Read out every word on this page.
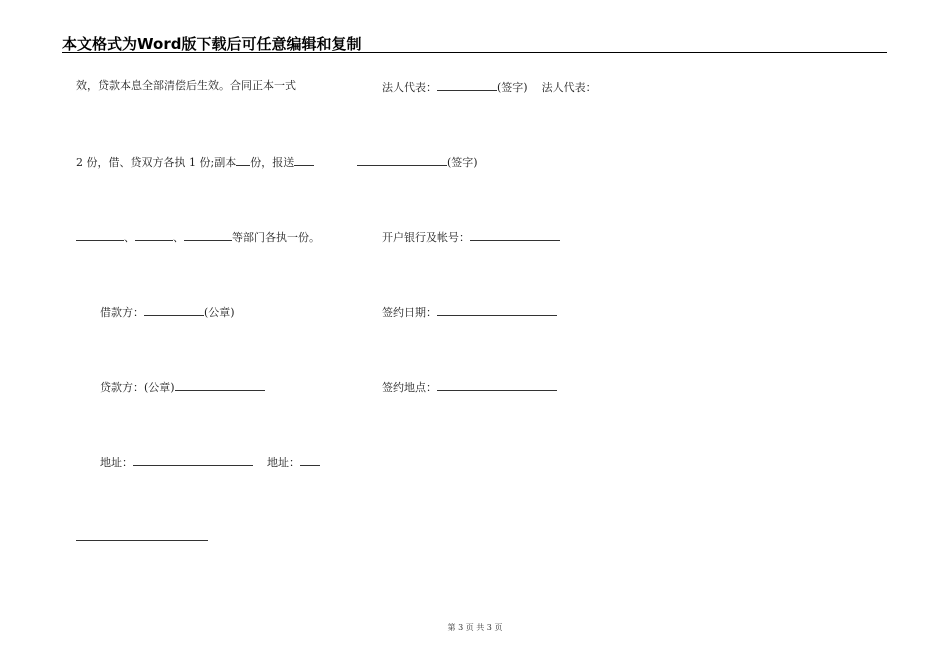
本文格式为Word版下载后可任意编辑和复制
效，贷款本息全部清偿后生效。合同正本一式
2 份，借、贷双方各执 1 份;副本 份，报送
、	、	等部门各执一份。
借款方：	(公章)
贷款方：(公章)
地址：	地址：
法人代表：	(签字) 法人代表：
(签字)
开户银行及帐号：
签约日期：
签约地点：
第 3 页 共 3 页
